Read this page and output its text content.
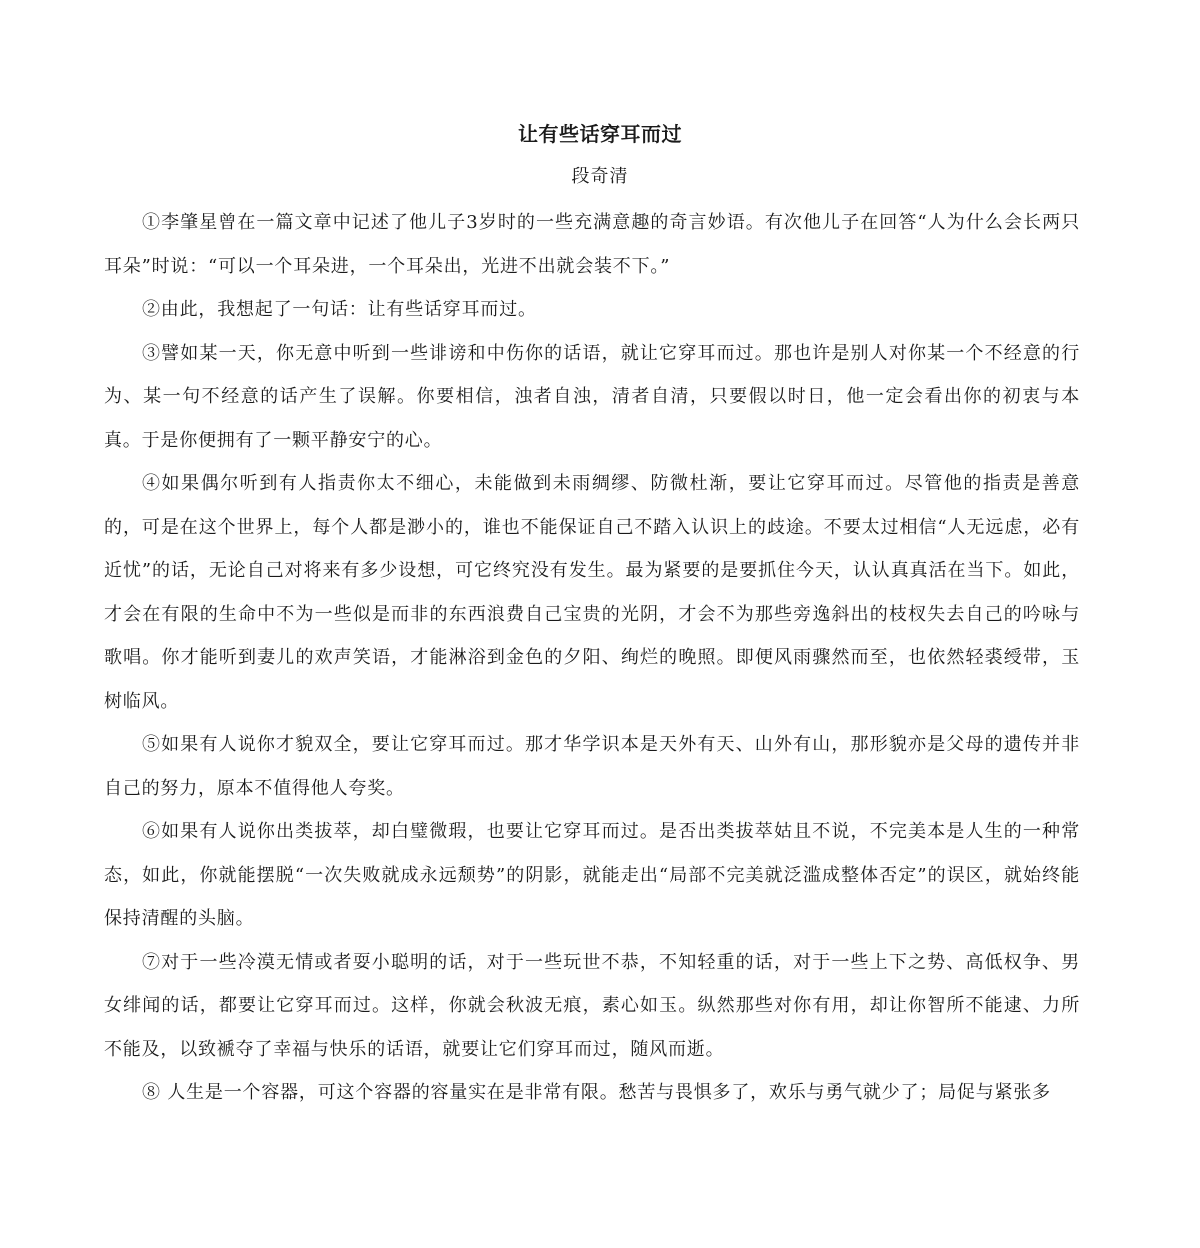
让有些话穿耳而过
段奇清

①李肇星曾在一篇文章中记述了他儿子3岁时的一些充满意趣的奇言妙语。有次他儿子在回答“人为什么会长两只耳朵”时说：“可以一个耳朵进，一个耳朵出，光进不出就会装不下。”

②由此，我想起了一句话：让有些话穿耳而过。

③譬如某一天，你无意中听到一些诽谤和中伤你的话语，就让它穿耳而过。那也许是别人对你某一个不经意的行为、某一句不经意的话产生了误解。你要相信，浊者自浊，清者自清，只要假以时日，他一定会看出你的初衷与本真。于是你便拥有了一颗平静安宁的心。

④如果偶尔听到有人指责你太不细心，未能做到未雨绸缪、防微杜渐，要让它穿耳而过。尽管他的指责是善意的，可是在这个世界上，每个人都是渺小的，谁也不能保证自己不踏入认识上的歧途。不要太过相信“人无远虑，必有近忧”的话，无论自己对将来有多少设想，可它终究没有发生。最为紧要的是要抓住今天，认认真真活在当下。如此，才会在有限的生命中不为一些似是而非的东西浪费自己宝贵的光阴，才会不为那些旁逸斜出的枝杈失去自己的吟咏与歌唱。你才能听到妻儿的欢声笑语，才能淋浴到金色的夕阳、绚烂的晚照。即便风雨骤然而至，也依然轻裘绶带，玉树临风。

⑤如果有人说你才貌双全，要让它穿耳而过。那才华学识本是天外有天、山外有山，那形貌亦是父母的遗传并非自己的努力，原本不值得他人夸奖。

⑥如果有人说你出类拔萃，却白璧微瑕，也要让它穿耳而过。是否出类拔萃姑且不说，不完美本是人生的一种常态，如此，你就能摆脱“一次失败就成永远颓势”的阴影，就能走出“局部不完美就泛滥成整体否定”的误区，就始终能保持清醒的头脑。

⑦对于一些冷漠无情或者耍小聪明的话，对于一些玩世不恭，不知轻重的话，对于一些上下之势、高低权争、男女绯闻的话，都要让它穿耳而过。这样，你就会秋波无痕，素心如玉。纵然那些对你有用，却让你智所不能逮、力所不能及，以致褫夺了幸福与快乐的话语，就要让它们穿耳而过，随风而逝。

⑧ 人生是一个容器，可这个容器的容量实在是非常有限。愁苦与畏惧多了，欢乐与勇气就少了；局促与紧张多
